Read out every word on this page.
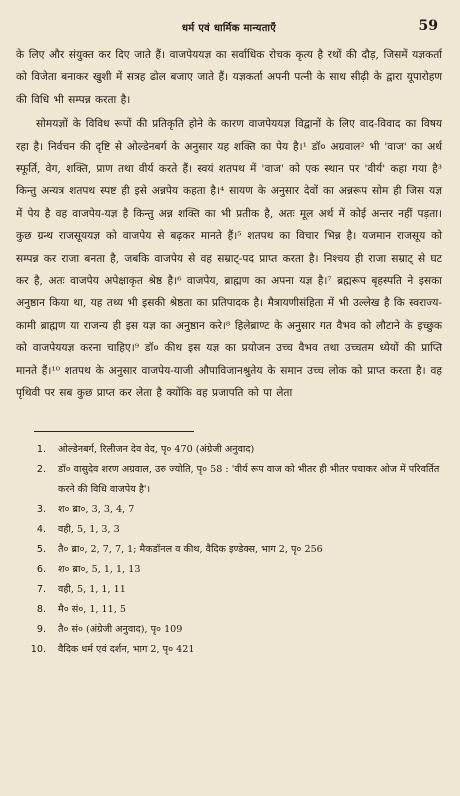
धर्म एवं धार्मिक मान्यताएँ	59

के लिए और संयुक्त कर दिए जाते हैं। वाजपेययज्ञ का सर्वाधिक रोचक कृत्य है रथों की दौड़, जिसमें यज्ञकर्ता को विजेता बनाकर खुशी में सत्रह ढोल बजाए जाते हैं। यज्ञकर्ता अपनी पत्नी के साथ सीढ़ी के द्वारा यूपारोहण की विधि भी सम्पन्न करता है।

सोमयज्ञों के विविध रूपों की प्रतिकृति होने के कारण वाजपेययज्ञ विद्वानों के लिए वाद-विवाद का विषय रहा है। निर्वचन की दृष्टि से ओल्डेनबर्ग के अनुसार यह शक्ति का पेय है।¹ डॉ० अग्रवाल² भी 'वाज' का अर्थ स्फूर्ति, वेग, शक्ति, प्राण तथा वीर्य करते हैं। स्वयं शतपथ में 'वाज' को एक स्थान पर 'वीर्य' कहा गया है³ किन्तु अन्यत्र शतपथ स्पष्ट ही इसे अन्नपेय कहता है।⁴ सायण के अनुसार देवों का अन्नरूप सोम ही जिस यज्ञ में पेय है वह वाजपेय-यज्ञ है किन्तु अन्न शक्ति का भी प्रतीक है, अतः मूल अर्थ में कोई अन्तर नहीं पड़ता। कुछ ग्रन्थ राजसूययज्ञ को वाजपेय से बढ़कर मानते हैं।⁵ शतपथ का विचार भिन्न है। यजमान राजसूय को सम्पन्न कर राजा बनता है, जबकि वाजपेय से वह सम्राट्-पद प्राप्त करता है। निश्चय ही राजा सम्राट् से घट कर है, अतः वाजपेय अपेक्षाकृत श्रेष्ठ है।⁶ वाजपेय, ब्राह्मण का अपना यज्ञ है।⁷ ब्रह्मरूप बृहस्पति ने इसका अनुष्ठान किया था, यह तथ्य भी इसकी श्रेष्ठता का प्रतिपादक है। मैत्रायणीसंहिता में भी उल्लेख है कि स्वराज्य-कामी ब्राह्मण या राजन्य ही इस यज्ञ का अनुष्ठान करे।⁸ हिलेब्राण्ट के अनुसार गत वैभव को लौटाने के इच्छुक को वाजपेययज्ञ करना चाहिए।⁹ डॉ० कीथ इस यज्ञ का प्रयोजन उच्च वैभव तथा उच्चतम ध्येयों की प्राप्ति मानते हैं।¹⁰ शतपथ के अनुसार वाजपेय-याजी औपाविजानश्रुतेय के समान उच्च लोक को प्राप्त करता है। वह पृथिवी पर सब कुछ प्राप्त कर लेता है क्योंकि वह प्रजापति को पा लेता

1.	ओल्डेनबर्ग, रिलीजन देव वेद, पृ० 470 (अंग्रेजी अनुवाद)
2.	डॉ० वासुदेव शरण अग्रवाल, उरु ज्योति, पृ० 58 : 'वीर्य रूप वाज को भीतर ही भीतर पचाकर ओज में परिवर्तित करने की विधि वाजपेय है'।
3.	श० ब्रा०, 3, 3, 4, 7
4.	वही, 5, 1, 3, 3
5.	तै० ब्रा०, 2, 7, 7, 1; मैकडॉनल व कीथ, वैदिक इण्डेक्स, भाग 2, पृ० 256
6.	श० ब्रा०, 5, 1, 1, 13
7.	वही, 5, 1, 1, 11
8.	मै० सं०, 1, 11, 5
9.	तै० सं० (अंग्रेजी अनुवाद), पृ० 109
10.	वैदिक धर्म एवं दर्शन, भाग 2, पृ० 421
